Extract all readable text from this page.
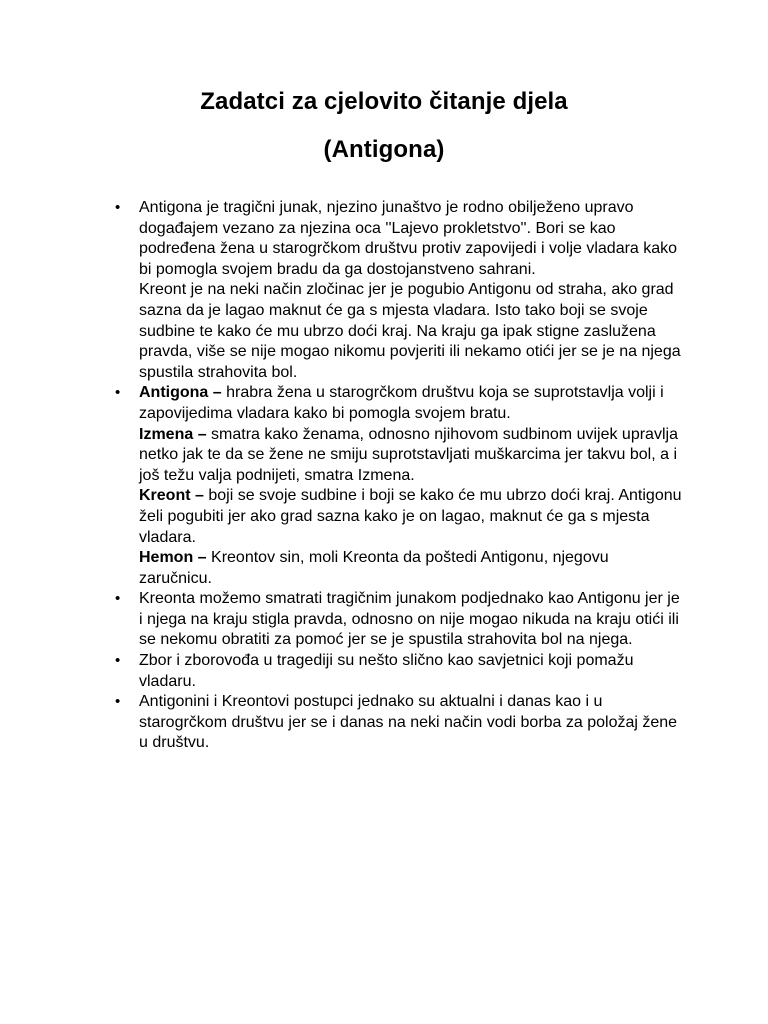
Zadatci za cjelovito čitanje djela
(Antigona)
•	Antigona je tragični junak, njezino junaštvo je rodno obilježeno upravo događajem vezano za njezina oca ''Lajevo prokletstvo''. Bori se kao podređena žena u starogrčkom društvu protiv zapovijedi i volje vladara kako bi pomogla svojem bradu da ga dostojanstveno sahrani.
Kreont je na neki način zločinac jer je pogubio Antigonu od straha, ako grad sazna da je lagao maknut će ga s mjesta vladara. Isto tako boji se svoje sudbine te kako će mu ubrzo doći kraj. Na kraju ga ipak stigne zaslužena pravda, više se nije mogao nikomu povjeriti ili nekamo otići jer se je na njega spustila strahovita bol.
•	Antigona – hrabra žena u starogrčkom društvu koja se suprotstavlja volji i zapovijedima vladara kako bi pomogla svojem bratu.
Izmena – smatra kako ženama, odnosno njihovom sudbinom uvijek upravlja netko jak te da se žene ne smiju suprotstavljati muškarcima jer takvu bol, a i još težu valja podnijeti, smatra Izmena.
Kreont – boji se svoje sudbine i boji se kako će mu ubrzo doći kraj. Antigonu želi pogubiti jer ako grad sazna kako je on lagao, maknut će ga s mjesta vladara.
Hemon – Kreontov sin, moli Kreonta da poštedi Antigonu, njegovu zaručnicu.
•	Kreonta možemo smatrati tragičnim junakom podjednako kao Antigonu jer je i njega na kraju stigla pravda, odnosno on nije mogao nikuda na kraju otići ili se nekomu obratiti za pomoć jer se je spustila strahovita bol na njega.
•	Zbor i zborovođa u tragediji su nešto slično kao savjetnici koji pomažu vladaru.
•	Antigonini i Kreontovi postupci jednako su aktualni i danas kao i u starogrčkom društvu jer se i danas na neki način vodi borba za položaj žene u društvu.
